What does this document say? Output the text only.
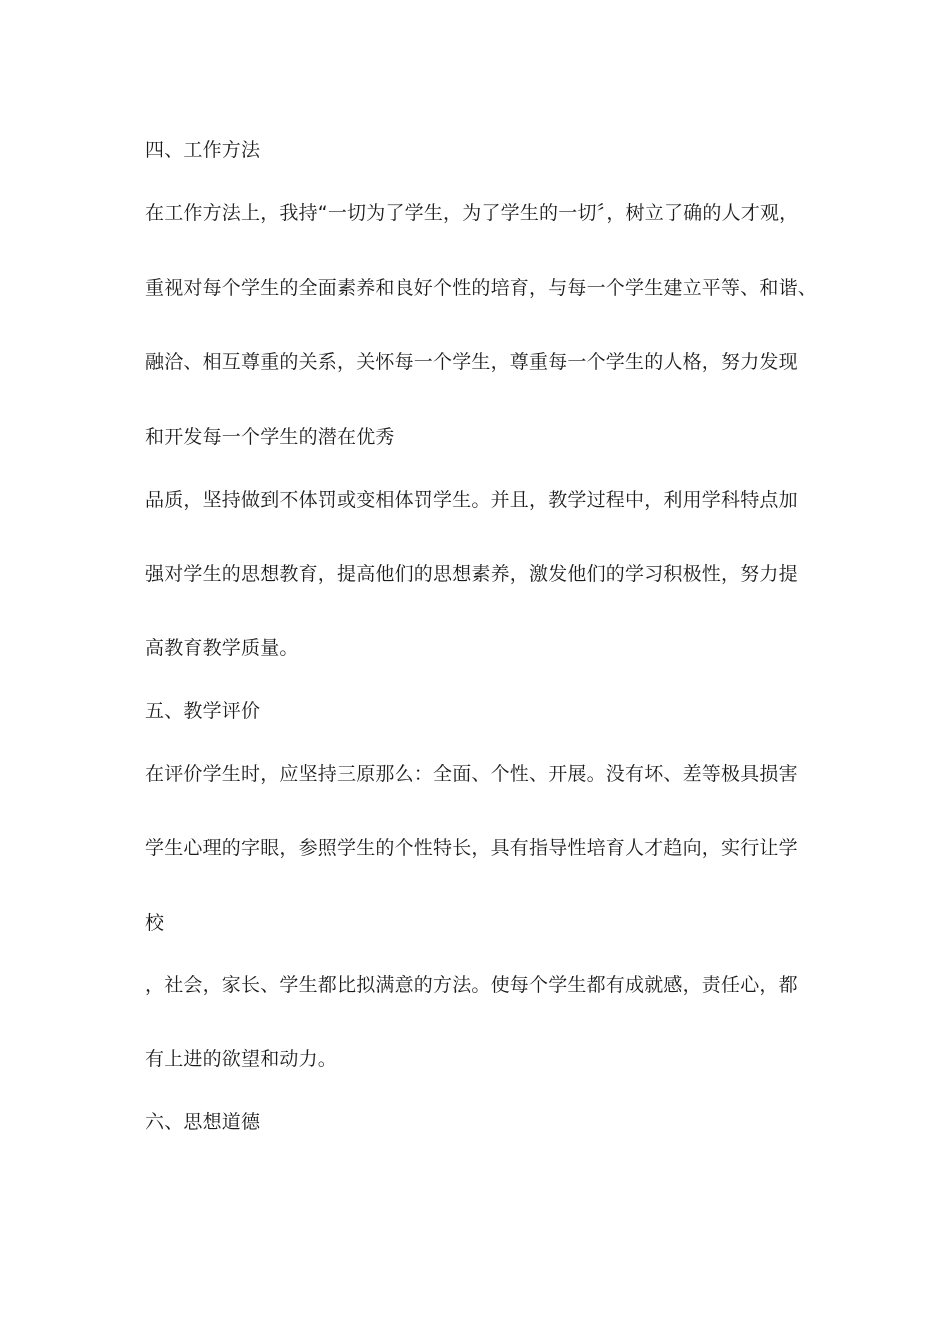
四、工作方法
在工作方法上，我持“一切为了学生，为了学生的一切〞，树立了确的人才观，
重视对每个学生的全面素养和良好个性的培育，与每一个学生建立平等、和谐、
融洽、相互尊重的关系，关怀每一个学生，尊重每一个学生的人格，努力发现
和开发每一个学生的潜在优秀
品质，坚持做到不体罚或变相体罚学生。并且，教学过程中，利用学科特点加
强对学生的思想教育，提高他们的思想素养，激发他们的学习积极性，努力提
高教育教学质量。
五、教学评价
在评价学生时，应坚持三原那么：全面、个性、开展。没有坏、差等极具损害
学生心理的字眼，参照学生的个性特长，具有指导性培育人才趋向，实行让学
校
，社会，家长、学生都比拟满意的方法。使每个学生都有成就感，责任心，都
有上进的欲望和动力。
六、思想道德
